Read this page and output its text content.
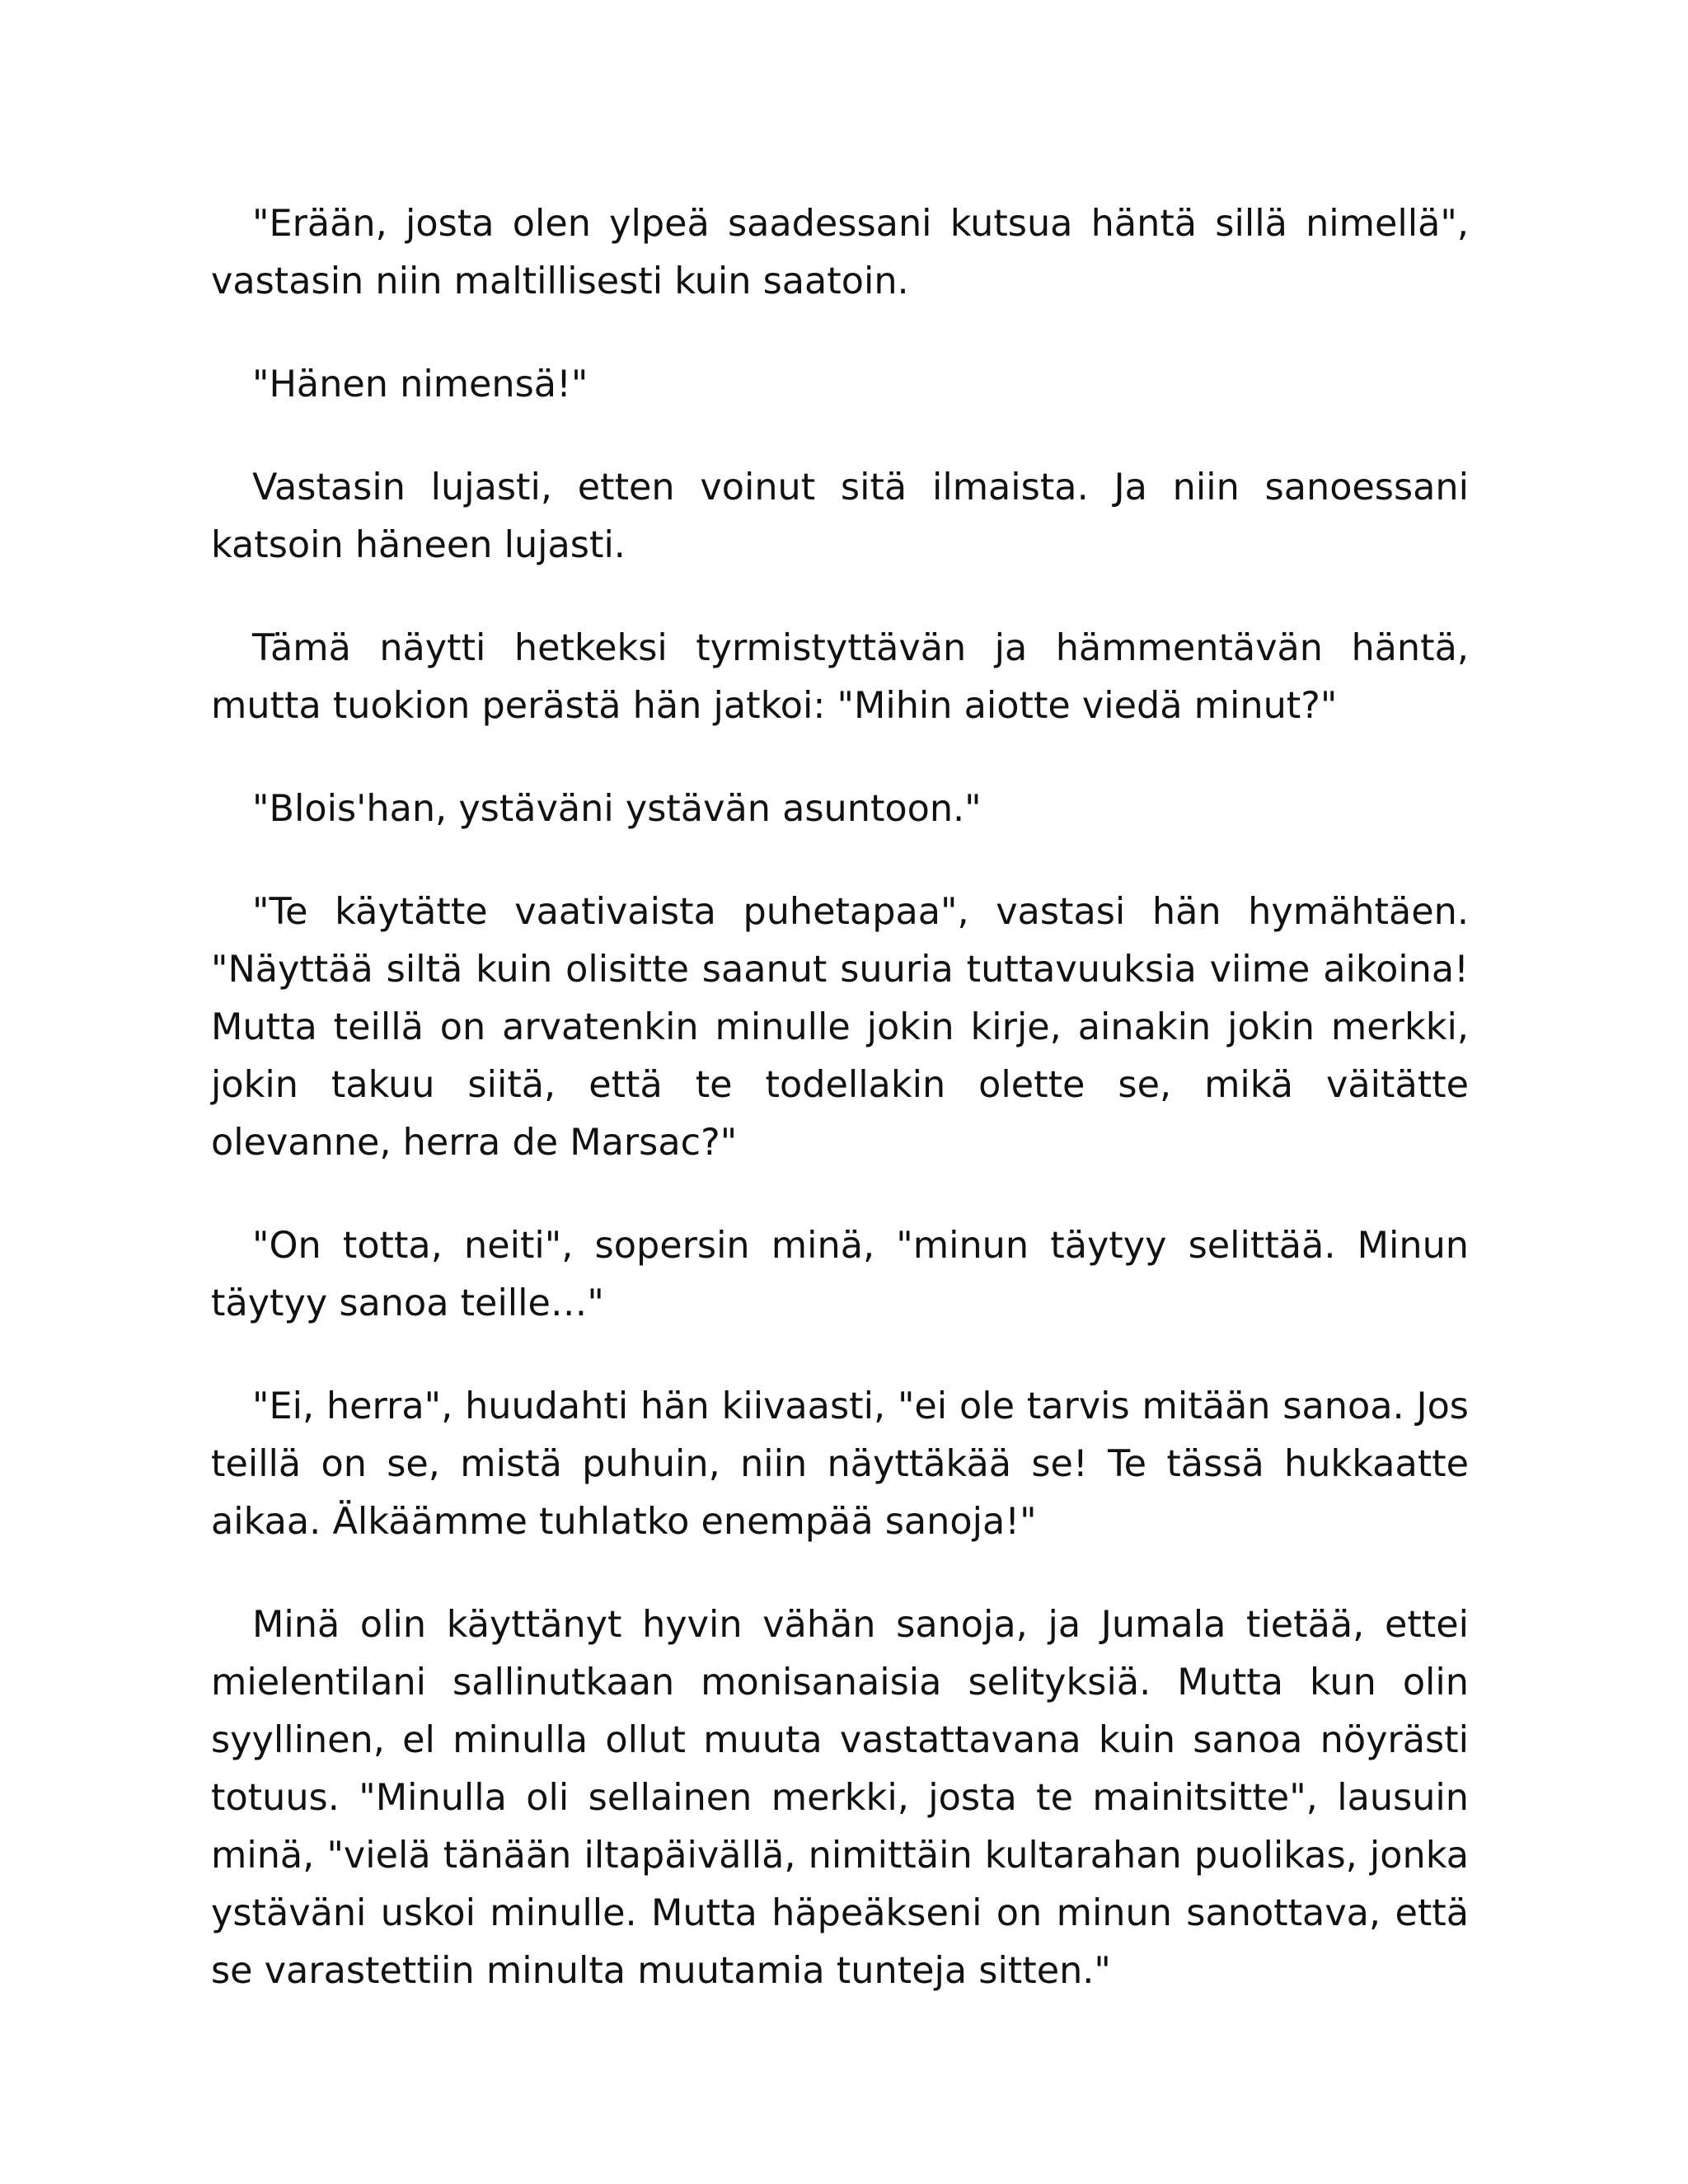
"Erään, josta olen ylpeä saadessani kutsua häntä sillä nimellä", vastasin niin maltillisesti kuin saatoin.

"Hänen nimensä!"

Vastasin lujasti, etten voinut sitä ilmaista. Ja niin sanoessani katsoin häneen lujasti.

Tämä näytti hetkeksi tyrmistyttävän ja hämmentävän häntä, mutta tuokion perästä hän jatkoi: "Mihin aiotte viedä minut?"

"Blois'han, ystäväni ystävän asuntoon."

"Te käytätte vaativaista puhetapaa", vastasi hän hymähtäen. "Näyttää siltä kuin olisitte saanut suuria tuttavuuksia viime aikoina! Mutta teillä on arvatenkin minulle jokin kirje, ainakin jokin merkki, jokin takuu siitä, että te todellakin olette se, mikä väitätte olevanne, herra de Marsac?"

"On totta, neiti", sopersin minä, "minun täytyy selittää. Minun täytyy sanoa teille…"

"Ei, herra", huudahti hän kiivaasti, "ei ole tarvis mitään sanoa. Jos teillä on se, mistä puhuin, niin näyttäkää se! Te tässä hukkaatte aikaa. Älkäämme tuhlatko enempää sanoja!"

Minä olin käyttänyt hyvin vähän sanoja, ja Jumala tietää, ettei mielentilani sallinutkaan monisanaisia selityksiä. Mutta kun olin syyllinen, el minulla ollut muuta vastattavana kuin sanoa nöyrästi totuus. "Minulla oli sellainen merkki, josta te mainitsitte", lausuin minä, "vielä tänään iltapäivällä, nimittäin kultarahan puolikas, jonka ystäväni uskoi minulle. Mutta häpeäkseni on minun sanottava, että se varastettiin minulta muutamia tunteja sitten."
